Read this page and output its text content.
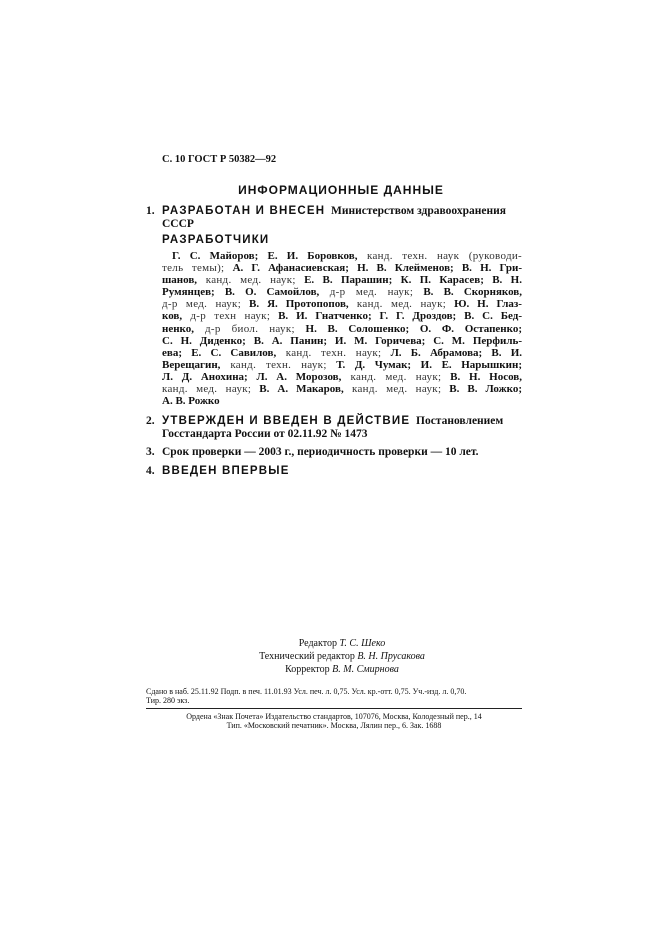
С. 10 ГОСТ Р 50382—92
ИНФОРМАЦИОННЫЕ ДАННЫЕ
1. РАЗРАБОТАН И ВНЕСЕН Министерством здравоохранения
СССР
РАЗРАБОТЧИКИ
Г. С. Майоров; Е. И. Боровков, канд. техн. наук (руководи-
тель темы); А. Г. Афанасиевская; Н. В. Клейменов; В. Н. Гри-
шанов, канд. мед. наук; Е. В. Парашин; К. П. Карасев; В. Н.
Румянцев; В. О. Самойлов, д-р мед. наук; В. В. Скорняков,
д-р мед. наук; В. Я. Протопопов, канд. мед. наук; Ю. Н. Глаз-
ков, д-р техн наук; В. И. Гнатченко; Г. Г. Дроздов; В. С. Бед-
ненко, д-р биол. наук; Н. В. Солошенко; О. Ф. Остапенко;
С. Н. Диденко; В. А. Панин; И. М. Горичева; С. М. Перфиль-
ева; Е. С. Савилов, канд. техн. наук; Л. Б. Абрамова; В. И.
Верещагин, канд. техн. наук; Т. Д. Чумак; И. Е. Нарышкин;
Л. Д. Анохина; Л. А. Морозов, канд. мед. наук; В. Н. Носов,
канд. мед. наук; В. А. Макаров, канд. мед. наук; В. В. Ложко;
А. В. Рожко
2. УТВЕРЖДЕН И ВВЕДЕН В ДЕЙСТВИЕ Постановлением
Госстандарта России от 02.11.92 № 1473
3. Срок проверки — 2003 г., периодичность проверки — 10 лет.
4. ВВЕДЕН ВПЕРВЫЕ
Редактор Т. С. Шеко
Технический редактор В. Н. Прусакова
Корректор В. М. Смирнова
Сдано в наб. 25.11.92 Подп. в печ. 11.01.93 Усл. печ. л. 0,75. Усл. кр.-отт. 0,75. Уч.-изд. л. 0,70.
Тир. 280 экз.
Ордена «Знак Почета» Издательство стандартов, 107076, Москва, Колодезный пер., 14
Тип. «Московский печатник». Москва, Лялин пер., 6. Зак. 1688
